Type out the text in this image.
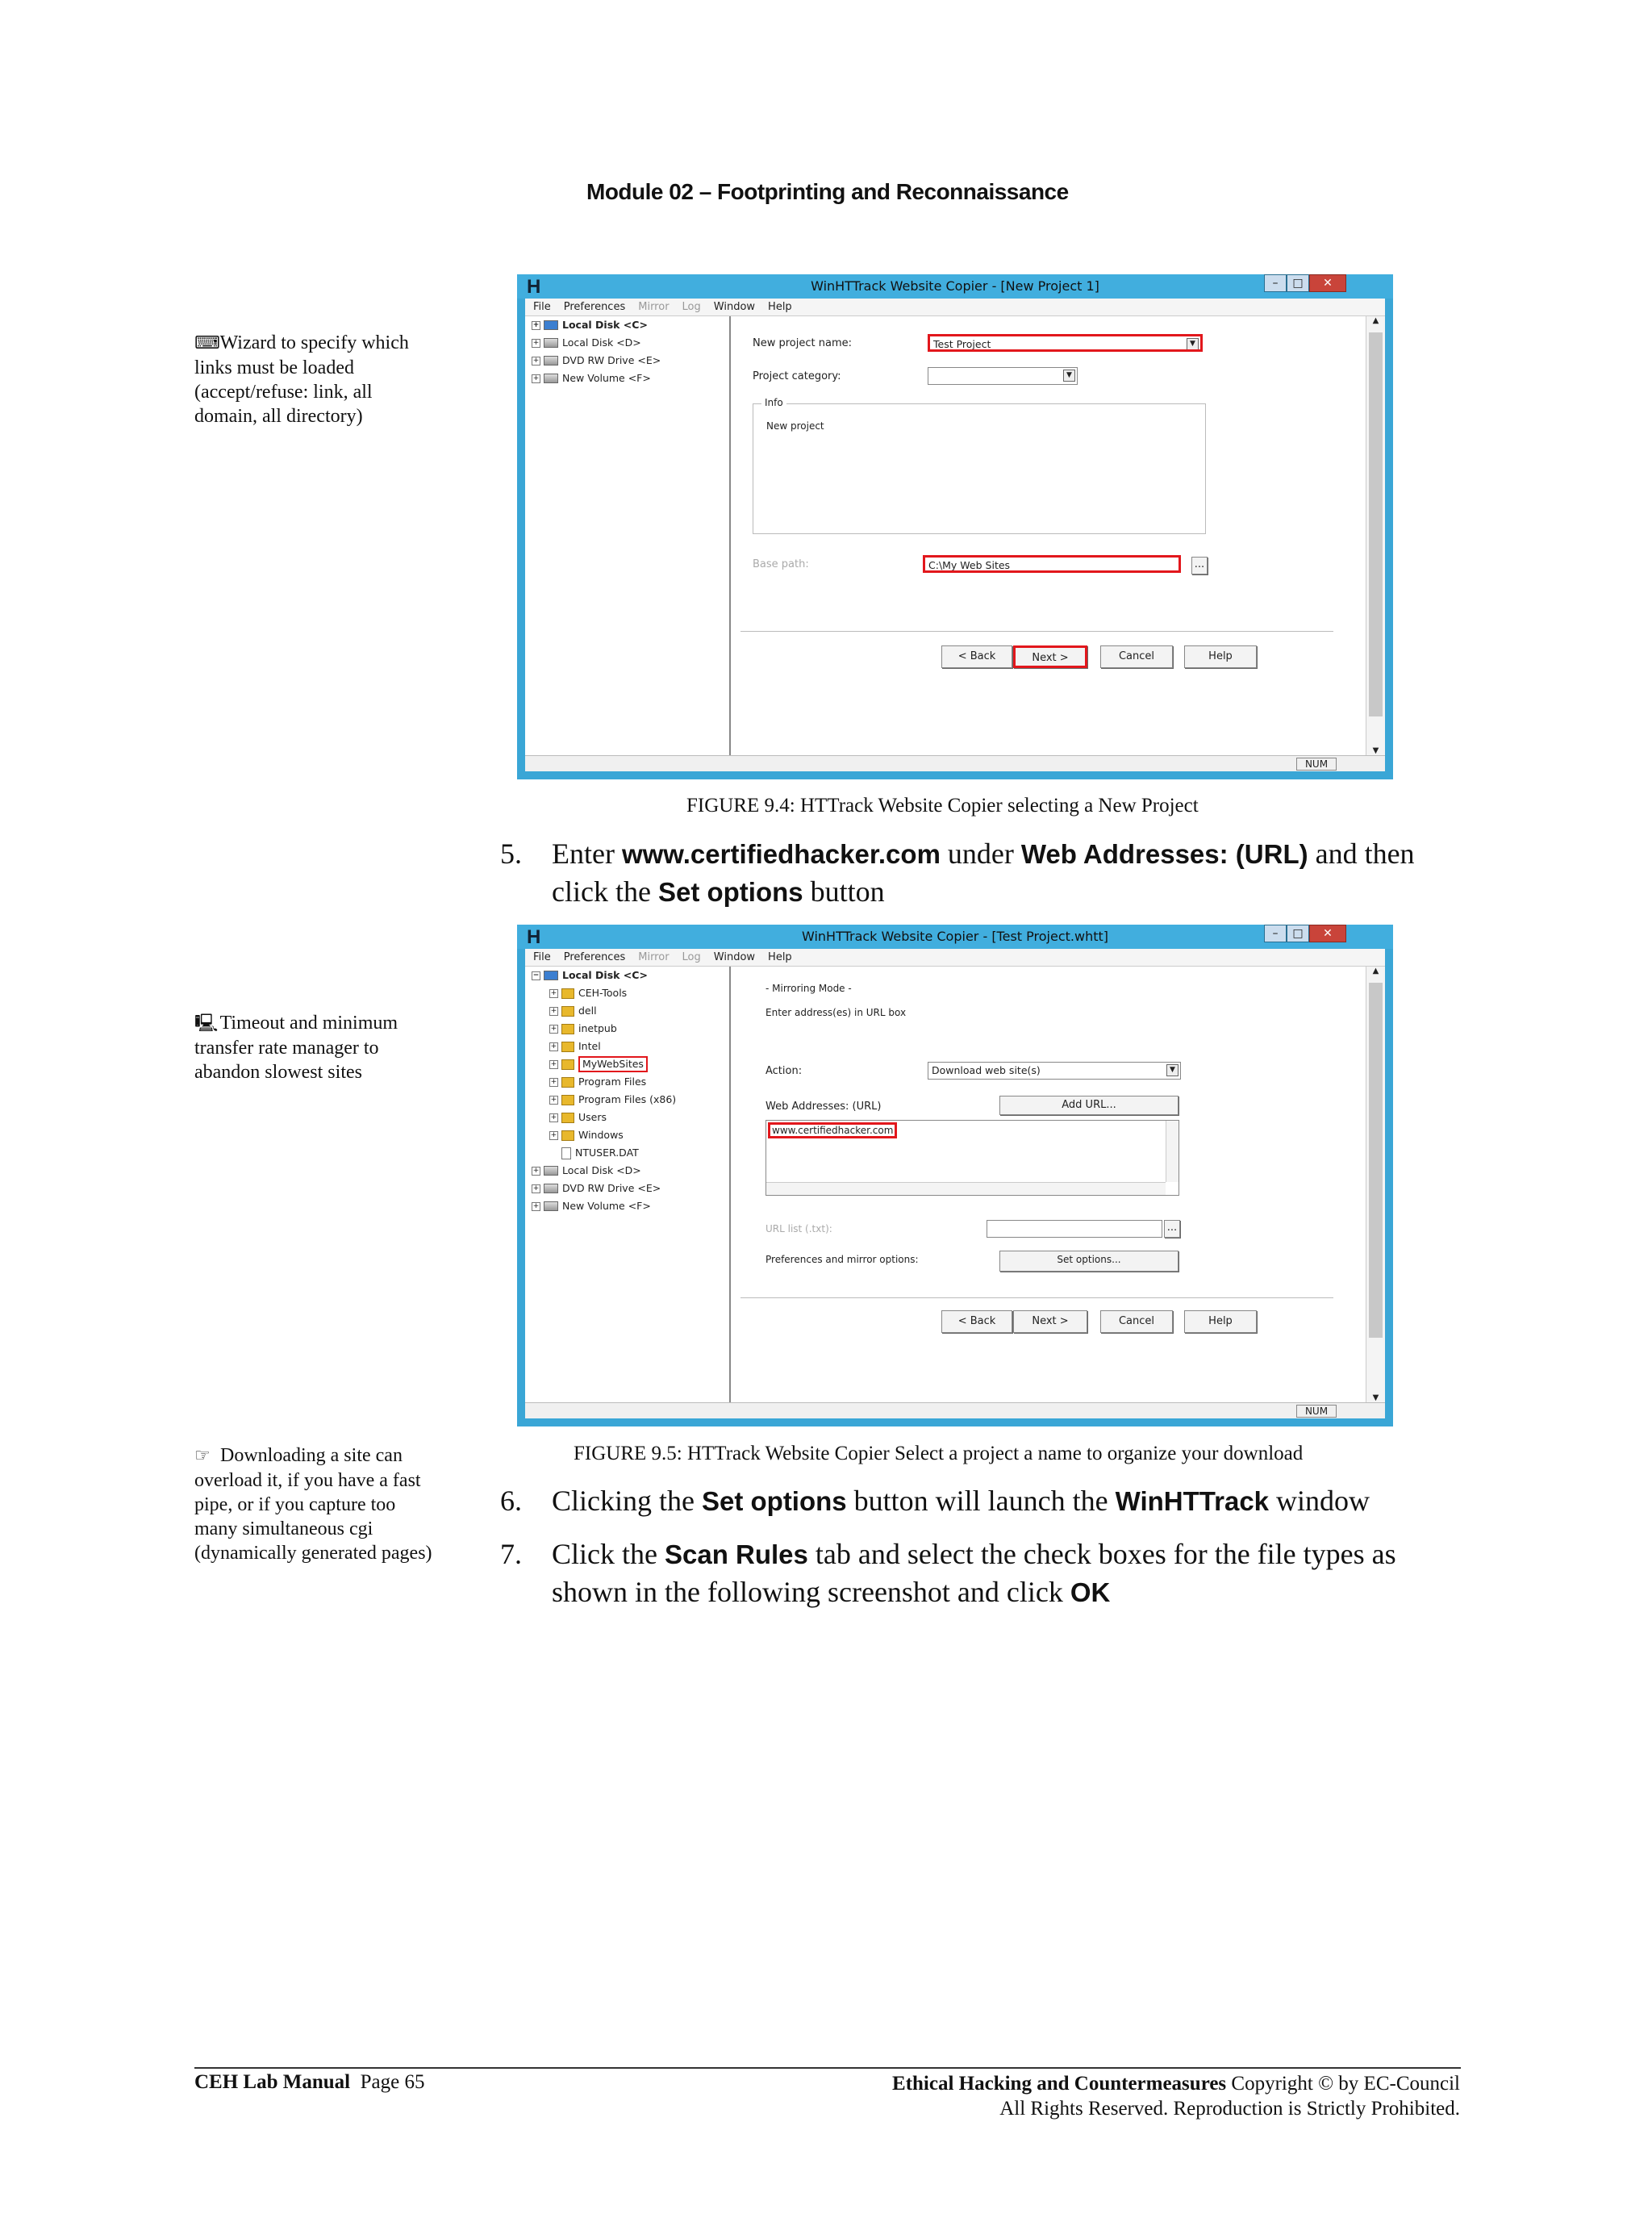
Module 02 – Footprinting and Reconnaissance
⌨ Wizard to specify which links must be loaded (accept/refuse: link, all domain, all directory)
🖳 Timeout and minimum transfer rate manager to abandon slowest sites
☞ Downloading a site can overload it, if you have a fast pipe, or if you capture too many simultaneous cgi (dynamically generated pages)
H	WinHTTrack Website Copier - [New Project 1]	–	□	✕
File Preferences Mirror Log Window Help
+ Local Disk <C>
+ Local Disk <D>
+ DVD RW Drive <E>
+ New Volume <F>
New project name:	Test Project	▼
Project category:	▼
Info
New project
Base path:	C:\My Web Sites	...
< Back	Next >	Cancel	Help
▲
▼
NUM
FIGURE 9.4: HTTrack Website Copier selecting a New Project
5.	Enter www.certifiedhacker.com under Web Addresses: (URL) and then click the Set options button
H	WinHTTrack Website Copier - [Test Project.whtt]	–	□	✕
File Preferences Mirror Log Window Help
− Local Disk <C>
+ CEH-Tools
+ dell
+ inetpub
+ Intel
+	MyWebSites
+ Program Files
+ Program Files (x86)
+ Users
+ Windows
NTUSER.DAT
+ Local Disk <D>
+ DVD RW Drive <E>
+ New Volume <F>
- Mirroring Mode -
Enter address(es) in URL box
Action:	Download web site(s)	▼
Web Addresses: (URL)	Add URL...
www.certifiedhacker.com
URL list (.txt):	...
Preferences and mirror options:	Set options...
< Back	Next >	Cancel	Help
▲
▼
NUM
FIGURE 9.5: HTTrack Website Copier Select a project a name to organize your download
6.	Clicking the Set options button will launch the WinHTTrack window
7.	Click the Scan Rules tab and select the check boxes for the file types as shown in the following screenshot and click OK
CEH Lab Manual Page 65	Ethical Hacking and Countermeasures Copyright © by EC-Council
All Rights Reserved. Reproduction is Strictly Prohibited.
